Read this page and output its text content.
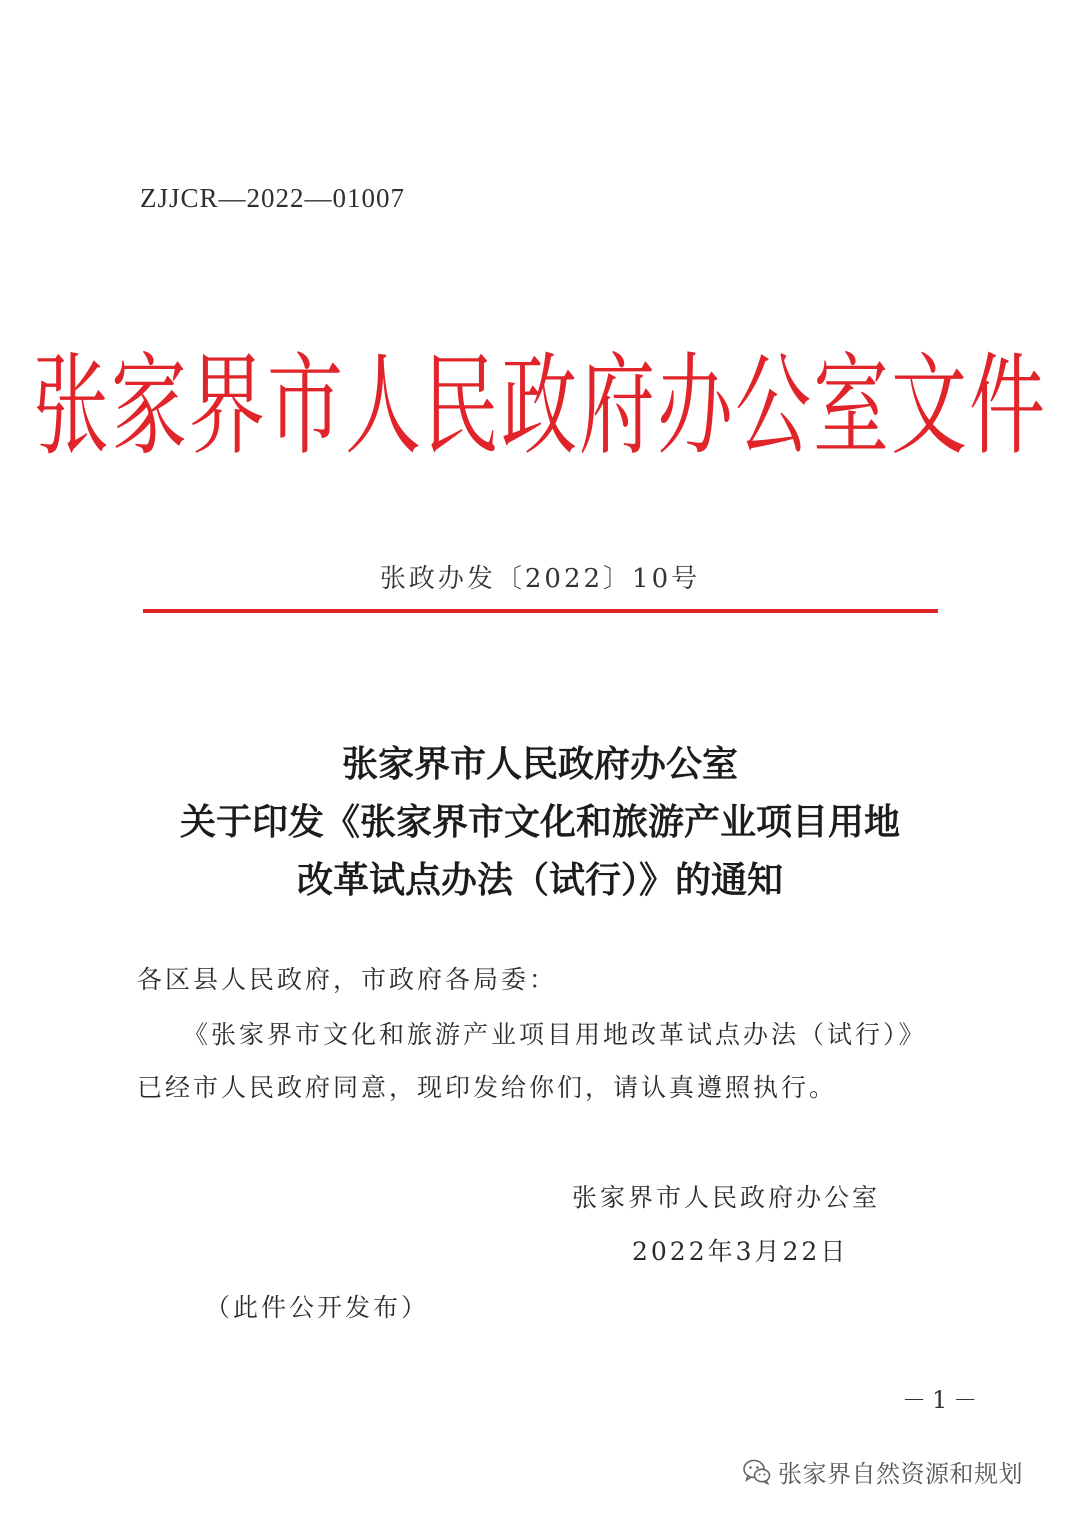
ZJJCR—2022—01007
张家界市人民政府办公室文件
张政办发〔2022〕10号
张家界市人民政府办公室
关于印发《张家界市文化和旅游产业项目用地
改革试点办法（试行）》的通知
各区县人民政府，市政府各局委：
《张家界市文化和旅游产业项目用地改革试点办法（试行）》
已经市人民政府同意，现印发给你们，请认真遵照执行。
张家界市人民政府办公室
2022年3月22日
（此件公开发布）
－1－
张家界自然资源和规划
